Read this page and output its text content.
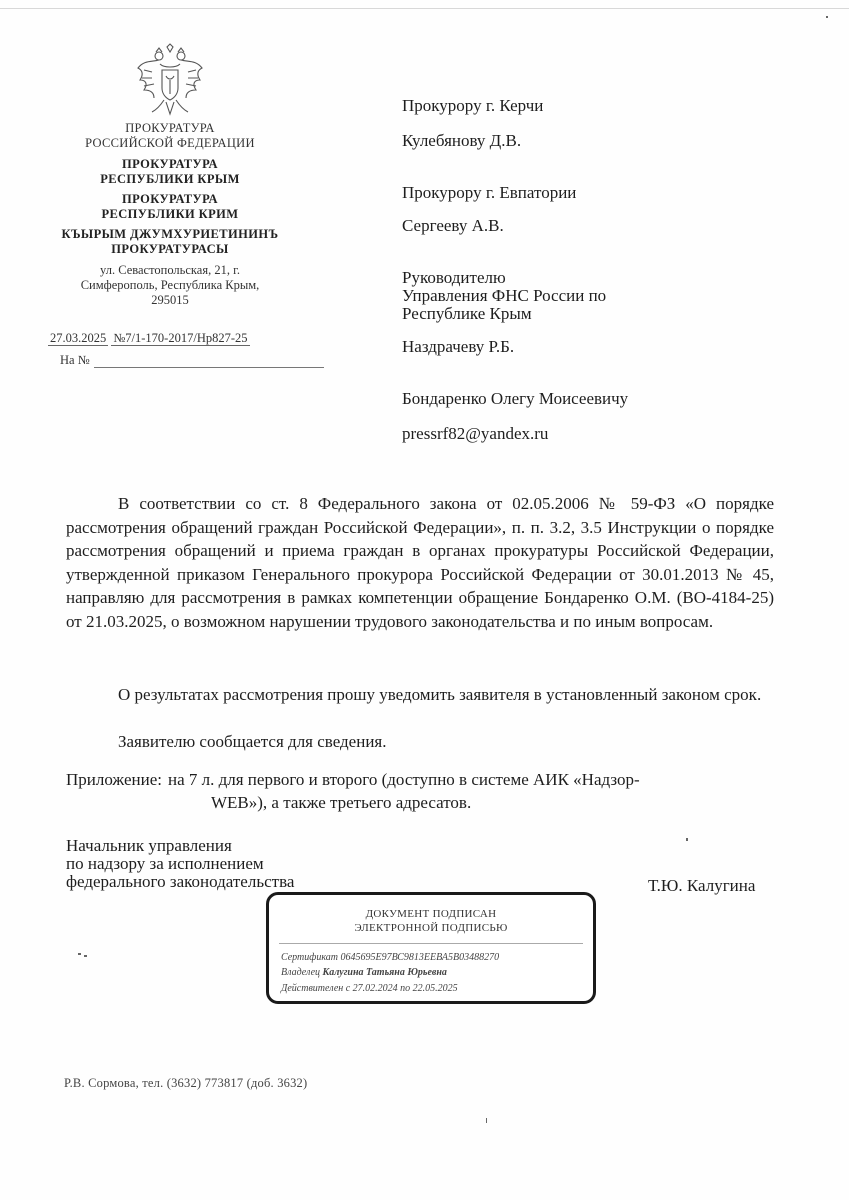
ПРОКУРАТУРА
РОССИЙСКОЙ ФЕДЕРАЦИИ
ПРОКУРАТУРА
РЕСПУБЛИКИ КРЫМ
ПРОКУРАТУРА
РЕСПУБЛИКИ КРИМ
КЪЫРЫМ ДЖУМХУРИЕТИНИНЪ
ПРОКУРАТУРАСЫ
ул. Севастопольская, 21, г.
Симферополь, Республика Крым,
295015
27.03.2025 №7/1-170-2017/Нр827-25
На №
Прокурору г. Керчи
Кулебянову Д.В.
Прокурору г. Евпатории
Сергееву А.В.
Руководителю
Управления ФНС России по
Республике Крым
Наздрачеву Р.Б.
Бондаренко Олегу Моисеевичу
pressrf82@yandex.ru
В соответствии со ст. 8 Федерального закона от 02.05.2006 № 59-ФЗ «О порядке рассмотрения обращений граждан Российской Федерации», п. п. 3.2, 3.5 Инструкции о порядке рассмотрения обращений и приема граждан в органах прокуратуры Российской Федерации, утвержденной приказом Генерального прокурора Российской Федерации от 30.01.2013 № 45, направляю для рассмотрения в рамках компетенции обращение Бондаренко О.М. (ВО-4184-25) от 21.03.2025, о возможном нарушении трудового законодательства и по иным вопросам.
О результатах рассмотрения прошу уведомить заявителя в установленный законом срок.
Заявителю сообщается для сведения.
Приложение: на 7 л. для первого и второго (доступно в системе АИК «Надзор-
WEB»), а также третьего адресатов.
Начальник управления
по надзору за исполнением
федерального законодательства	Т.Ю. Калугина
ДОКУМЕНТ ПОДПИСАН
ЭЛЕКТРОННОЙ ПОДПИСЬЮ
Сертификат 0645695Е97ВС9813ЕЕВА5В03488270
Владелец Калугина Татьяна Юрьевна
Действителен с 27.02.2024 по 22.05.2025
Р.В. Сормова, тел. (3632) 773817 (доб. 3632)
